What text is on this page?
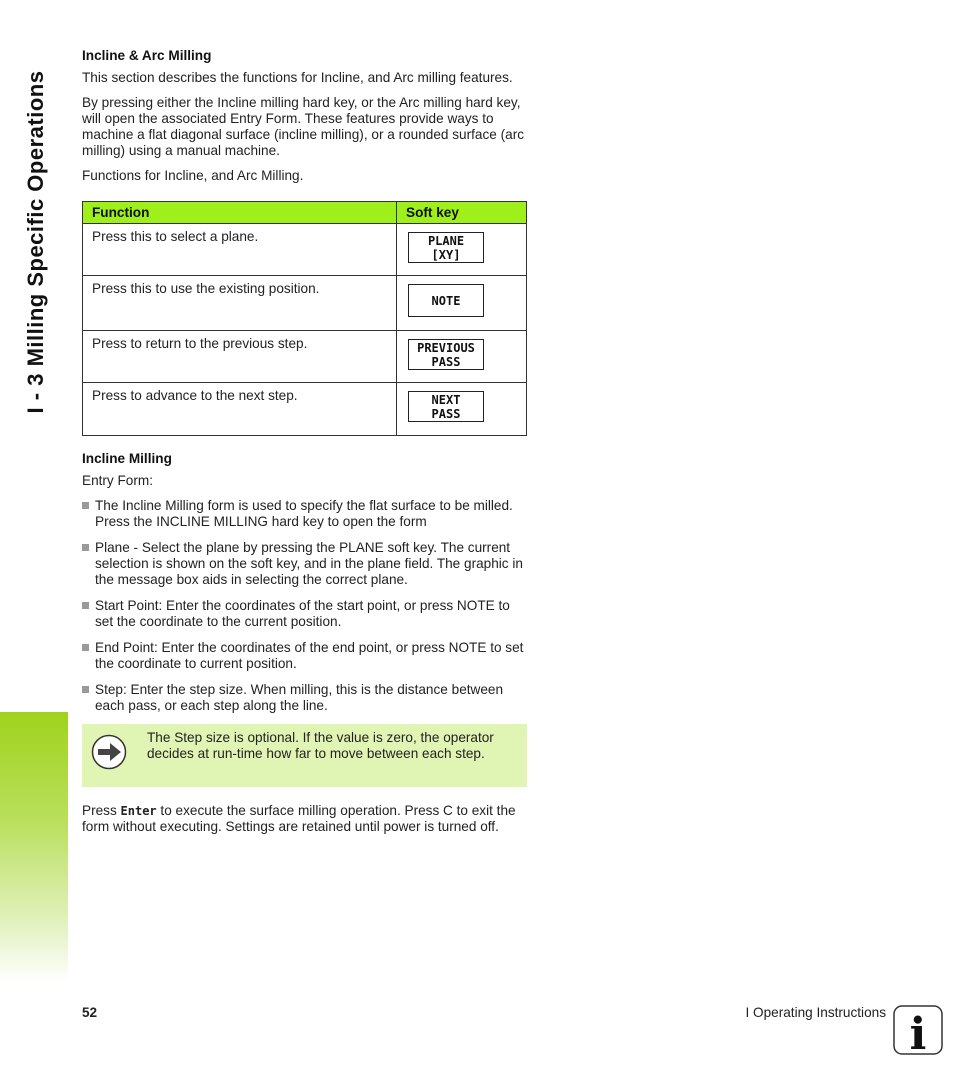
I - 3 Milling Specific Operations
Incline & Arc Milling

This section describes the functions for Incline, and Arc milling features.

By pressing either the Incline milling hard key, or the Arc milling hard key, will open the associated Entry Form. These features provide ways to machine a flat diagonal surface (incline milling), or a rounded surface (arc milling) using a manual machine.

Functions for Incline, and Arc Milling.

Function	Soft key
Press this to select a plane.	PLANE
[XY]

Press this to use the existing position.	NOTE

Press to return to the previous step.	PREVIOUS
PASS

Press to advance to the next step.	NEXT
PASS
Incline Milling

Entry Form:

The Incline Milling form is used to specify the flat surface to be milled. Press the INCLINE MILLING hard key to open the form
Plane - Select the plane by pressing the PLANE soft key. The current selection is shown on the soft key, and in the plane field. The graphic in the message box aids in selecting the correct plane.
Start Point: Enter the coordinates of the start point, or press NOTE to set the coordinate to the current position.
End Point: Enter the coordinates of the end point, or press NOTE to set the coordinate to current position.
Step: Enter the step size. When milling, this is the distance between each pass, or each step along the line.
The Step size is optional. If the value is zero, the operator decides at run-time how far to move between each step.

Press Enter to execute the surface milling operation. Press C to exit the form without executing. Settings are retained until power is turned off.

52	I Operating Instructions i
